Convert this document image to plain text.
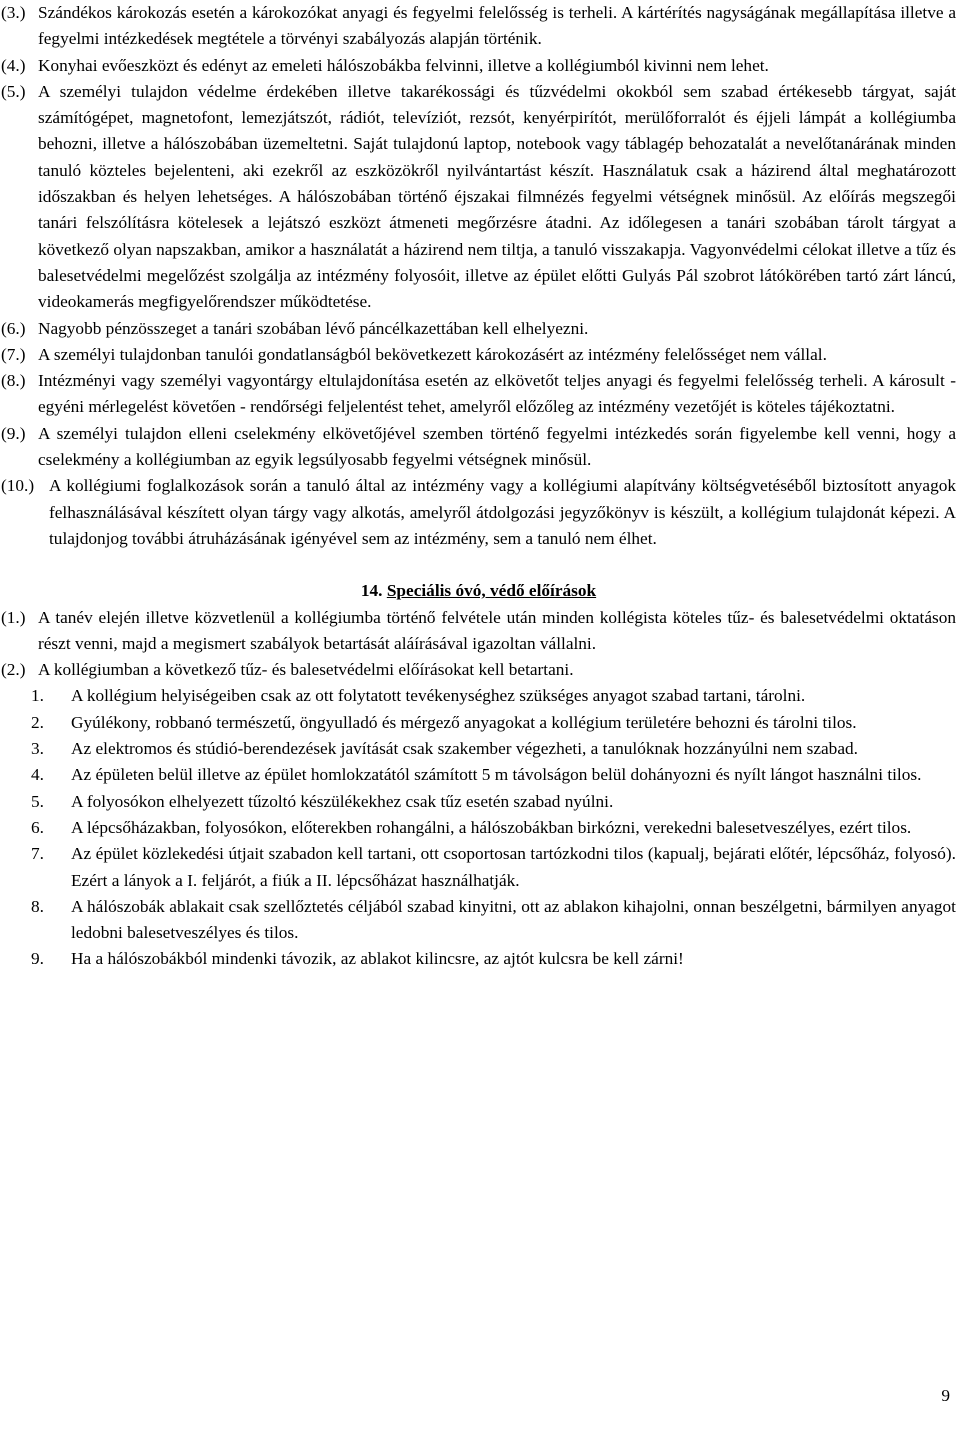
(3.) Szándékos károkozás esetén a károkozókat anyagi és fegyelmi felelősség is terheli. A kártérítés nagyságának megállapítása illetve a fegyelmi intézkedések megtétele a törvényi szabályozás alapján történik.
(4.) Konyhai evőeszközt és edényt az emeleti hálószobákba felvinni, illetve a kollégiumból kivinni nem lehet.
(5.) A személyi tulajdon védelme érdekében illetve takarékossági és tűzvédelmi okokból sem szabad értékesebb tárgyat, saját számítógépet, magnetofont, lemezjátszót, rádiót, televíziót, rezsót, kenyérpirítót, merülőforralót és éjjeli lámpát a kollégiumba behozni, illetve a hálószobában üzemeltetni. Saját tulajdonú laptop, notebook vagy táblagép behozatalát a nevelőtanárának minden tanuló közteles bejelenteni, aki ezekről az eszközökről nyilvántartást készít. Használatuk csak a házirend által meghatározott időszakban és helyen lehetséges. A hálószobában történő éjszakai filmnézés fegyelmi vétségnek minősül. Az előírás megszegői tanári felszólításra kötelesek a lejátszó eszközt átmeneti megőrzésre átadni. Az időlegesen a tanári szobában tárolt tárgyat a következő olyan napszakban, amikor a használatát a házirend nem tiltja, a tanuló visszakapja. Vagyonvédelmi célokat illetve a tűz és balesetvédelmi megelőzést szolgálja az intézmény folyosóit, illetve az épület előtti Gulyás Pál szobrot látókörében tartó zárt láncú, videokamerás megfigyelőrendszer működtetése.
(6.) Nagyobb pénzösszeget a tanári szobában lévő páncélkazettában kell elhelyezni.
(7.) A személyi tulajdonban tanulói gondatlanságból bekövetkezett károkozásért az intézmény felelősséget nem vállal.
(8.) Intézményi vagy személyi vagyontárgy eltulajdonítása esetén az elkövetőt teljes anyagi és fegyelmi felelősség terheli. A károsult - egyéni mérlegelést követően - rendőrségi feljelentést tehet, amelyről előzőleg az intézmény vezetőjét is köteles tájékoztatni.
(9.) A személyi tulajdon elleni cselekmény elkövetőjével szemben történő fegyelmi intézkedés során figyelembe kell venni, hogy a cselekmény a kollégiumban az egyik legsúlyosabb fegyelmi vétségnek minősül.
(10.) A kollégiumi foglalkozások során a tanuló által az intézmény vagy a kollégiumi alapítvány költségvetéséből biztosított anyagok felhasználásával készített olyan tárgy vagy alkotás, amelyről átdolgozási jegyzőkönyv is készült, a kollégium tulajdonát képezi. A tulajdonjog további átruházásának igényével sem az intézmény, sem a tanuló nem élhet.
14. Speciális óvó, védő előírások
(1.) A tanév elején illetve közvetlenül a kollégiumba történő felvétele után minden kollégista köteles tűz- és balesetvédelmi oktatáson részt venni, majd a megismert szabályok betartását aláírásával igazoltan vállalni.
(2.) A kollégiumban a következő tűz- és balesetvédelmi előírásokat kell betartani.
1.	A kollégium helyiségeiben csak az ott folytatott tevékenységhez szükséges anyagot szabad tartani, tárolni.
2.	Gyúlékony, robbanó természetű, öngyulladó és mérgező anyagokat a kollégium területére behozni és tárolni tilos.
3.	Az elektromos és stúdió-berendezések javítását csak szakember végezheti, a tanulóknak hozzányúlni nem szabad.
4.	Az épületen belül illetve az épület homlokzatától számított 5 m távolságon belül dohányozni és nyílt lángot használni tilos.
5.	A folyosókon elhelyezett tűzoltó készülékekhez csak tűz esetén szabad nyúlni.
6.	A lépcsőházakban, folyosókon, előterekben rohangálni, a hálószobákban birkózni, verekedni balesetveszélyes, ezért tilos.
7.	Az épület közlekedési útjait szabadon kell tartani, ott csoportosan tartózkodni tilos (kapualj, bejárati előtér, lépcsőház, folyosó). Ezért a lányok a I. feljárót, a fiúk a II. lépcsőházat használhatják.
8.	A hálószobák ablakait csak szellőztetés céljából szabad kinyitni, ott az ablakon kihajolni, onnan beszélgetni, bármilyen anyagot ledobni balesetveszélyes és tilos.
9.	Ha a hálószobákból mindenki távozik, az ablakot kilincsre, az ajtót kulcsra be kell zárni!
9
